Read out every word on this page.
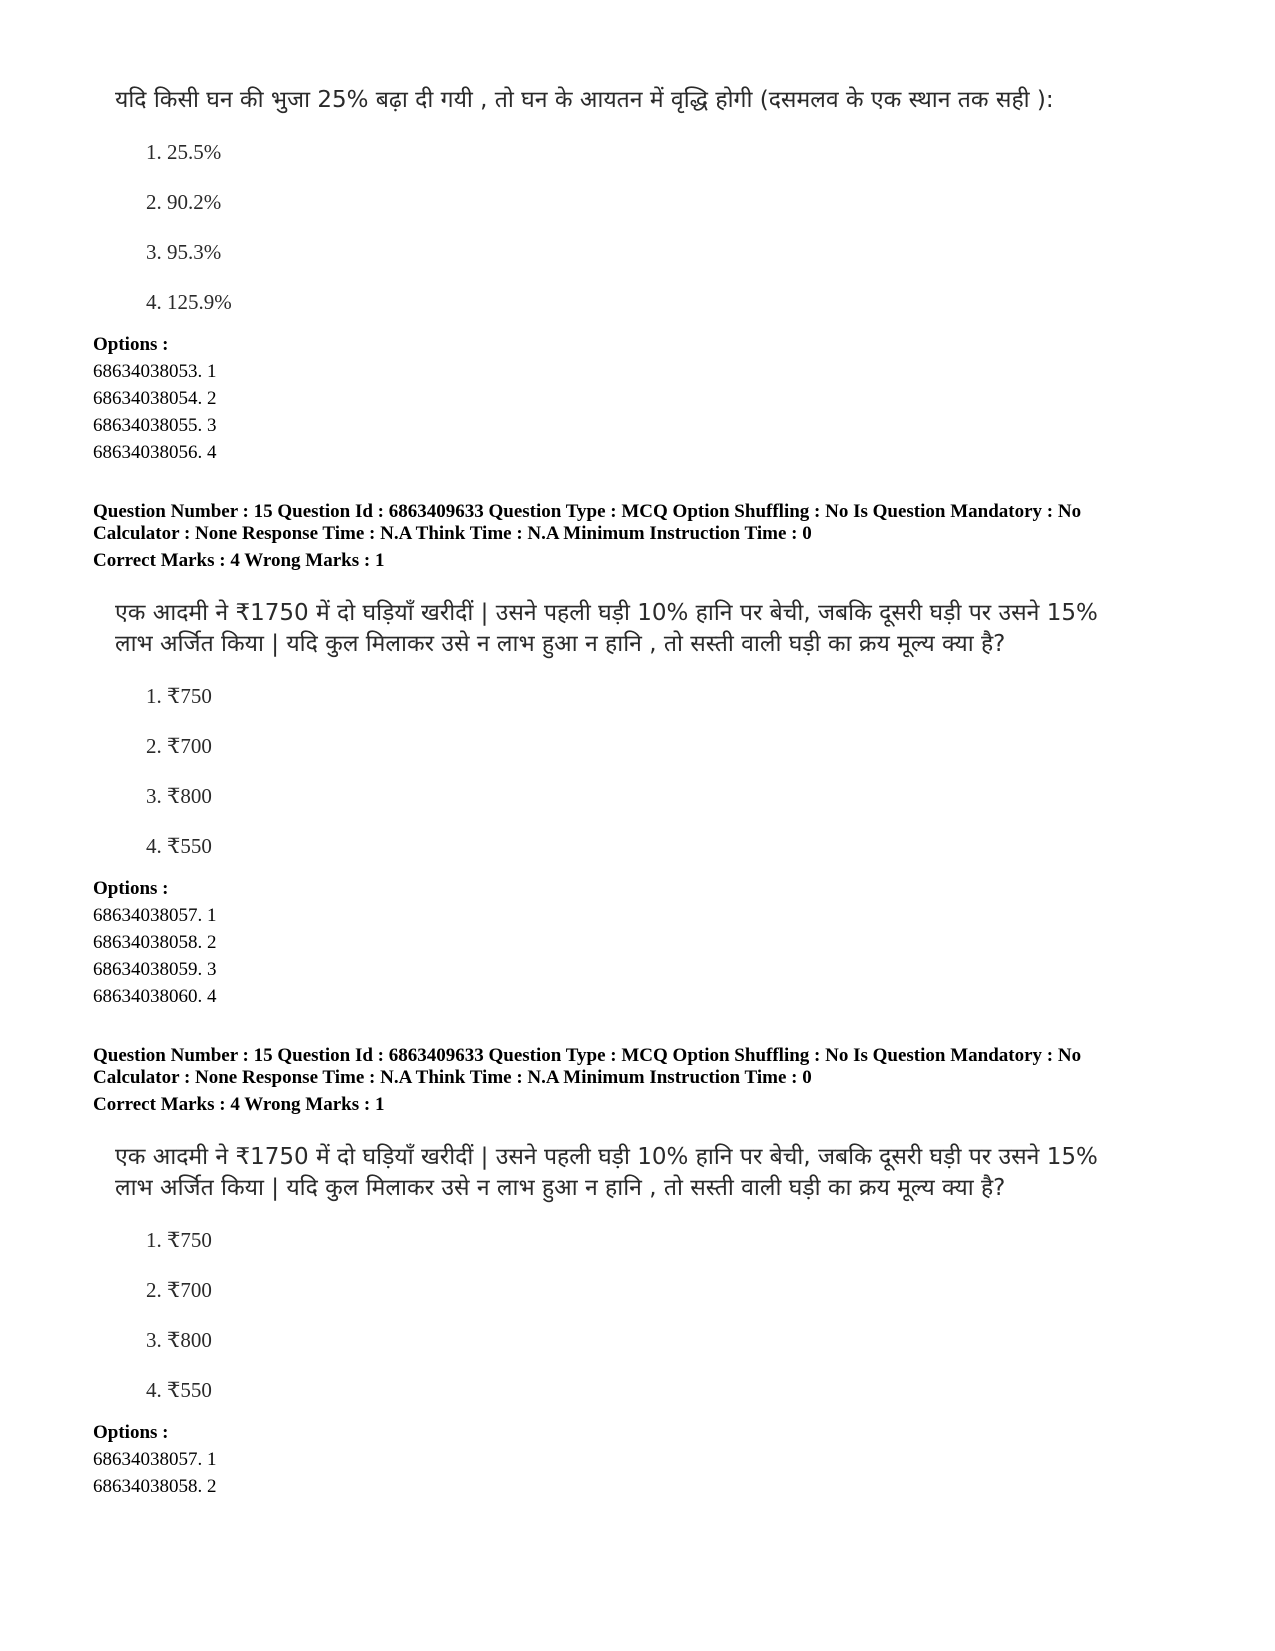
यदि किसी घन की भुजा 25% बढ़ा दी गयी , तो घन के आयतन में वृद्धि होगी (दसमलव के एक स्थान तक सही ):
1. 25.5%
2. 90.2%
3. 95.3%
4. 125.9%
Options :
68634038053. 1
68634038054. 2
68634038055. 3
68634038056. 4
Question Number : 15 Question Id : 6863409633 Question Type : MCQ Option Shuffling : No Is Question Mandatory : No
Calculator : None Response Time : N.A Think Time : N.A Minimum Instruction Time : 0
Correct Marks : 4 Wrong Marks : 1
एक आदमी ने ₹1750 में दो घड़ियाँ खरीदीं | उसने पहली घड़ी 10% हानि पर बेची, जबकि दूसरी घड़ी पर उसने 15%
लाभ अर्जित किया | यदि कुल मिलाकर उसे न लाभ हुआ न हानि , तो सस्ती वाली घड़ी का क्रय मूल्य क्या है?
1. ₹750
2. ₹700
3. ₹800
4. ₹550
Options :
68634038057. 1
68634038058. 2
68634038059. 3
68634038060. 4
Question Number : 15 Question Id : 6863409633 Question Type : MCQ Option Shuffling : No Is Question Mandatory : No
Calculator : None Response Time : N.A Think Time : N.A Minimum Instruction Time : 0
Correct Marks : 4 Wrong Marks : 1
एक आदमी ने ₹1750 में दो घड़ियाँ खरीदीं | उसने पहली घड़ी 10% हानि पर बेची, जबकि दूसरी घड़ी पर उसने 15%
लाभ अर्जित किया | यदि कुल मिलाकर उसे न लाभ हुआ न हानि , तो सस्ती वाली घड़ी का क्रय मूल्य क्या है?
1. ₹750
2. ₹700
3. ₹800
4. ₹550
Options :
68634038057. 1
68634038058. 2
